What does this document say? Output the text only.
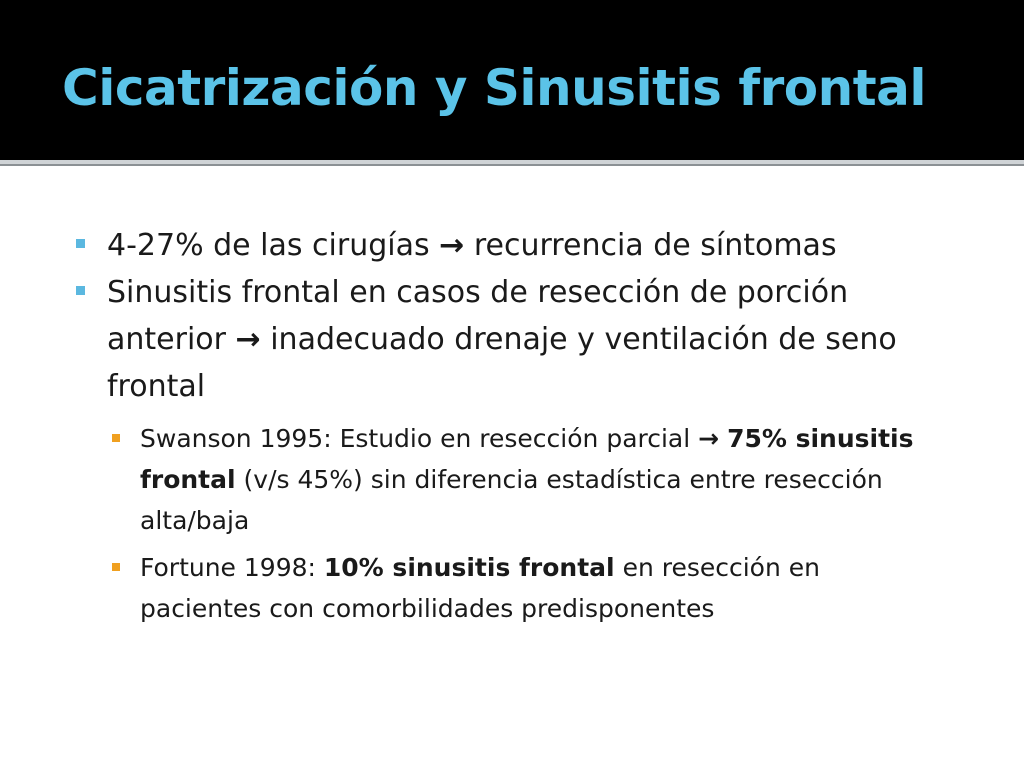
Cicatrización y Sinusitis frontal
4-27% de las cirugías → recurrencia de síntomas
Sinusitis frontal en casos de resección de porción anterior → inadecuado drenaje y ventilación de seno frontal
Swanson 1995: Estudio en resección parcial → 75% sinusitis frontal (v/s 45%) sin diferencia estadística entre resección alta/baja
Fortune 1998: 10% sinusitis frontal en resección en pacientes con comorbilidades predisponentes
